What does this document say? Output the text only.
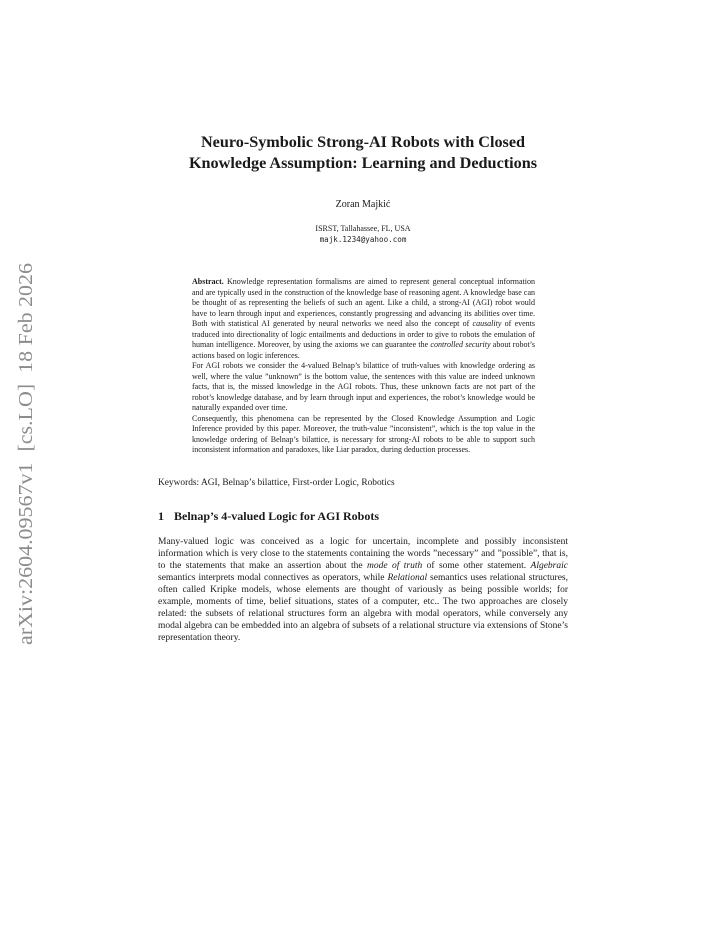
arXiv:2604.09567v1  [cs.LO]  18 Feb 2026
Neuro-Symbolic Strong-AI Robots with Closed
Knowledge Assumption: Learning and Deductions
Zoran Majkić
ISRST, Tallahassee, FL, USA
majk.1234@yahoo.com

Abstract. Knowledge representation formalisms are aimed to represent general conceptual information and are typically used in the construction of the knowledge base of reasoning agent. A knowledge base can be thought of as representing the beliefs of such an agent. Like a child, a strong-AI (AGI) robot would have to learn through input and experiences, constantly progressing and advancing its abilities over time. Both with statistical AI generated by neural networks we need also the concept of causality of events traduced into directionality of logic entailments and deductions in order to give to robots the emulation of human intelligence. Moreover, by using the axioms we can guarantee the controlled security about robot’s actions based on logic inferences.

For AGI robots we consider the 4-valued Belnap’s bilattice of truth-values with knowledge ordering as well, where the value ”unknown” is the bottom value, the sentences with this value are indeed unknown facts, that is, the missed knowledge in the AGI robots. Thus, these unknown facts are not part of the robot’s knowledge database, and by learn through input and experiences, the robot’s knowledge would be naturally expanded over time.

Consequently, this phenomena can be represented by the Closed Knowledge Assumption and Logic Inference provided by this paper. Moreover, the truth-value ”inconsistent”, which is the top value in the knowledge ordering of Belnap’s bilattice, is necessary for strong-AI robots to be able to support such inconsistent information and paradoxes, like Liar paradox, during deduction processes.

Keywords: AGI, Belnap’s bilattice, First-order Logic, Robotics
1 Belnap’s 4-valued Logic for AGI Robots

Many-valued logic was conceived as a logic for uncertain, incomplete and possibly inconsistent information which is very close to the statements containing the words ”necessary” and ”possible”, that is, to the statements that make an assertion about the mode of truth of some other statement. Algebraic semantics interprets modal connectives as operators, while Relational semantics uses relational structures, often called Kripke models, whose elements are thought of variously as being possible worlds; for example, moments of time, belief situations, states of a computer, etc.. The two approaches are closely related: the subsets of relational structures form an algebra with modal operators, while conversely any modal algebra can be embedded into an algebra of subsets of a relational structure via extensions of Stone’s representation theory.
